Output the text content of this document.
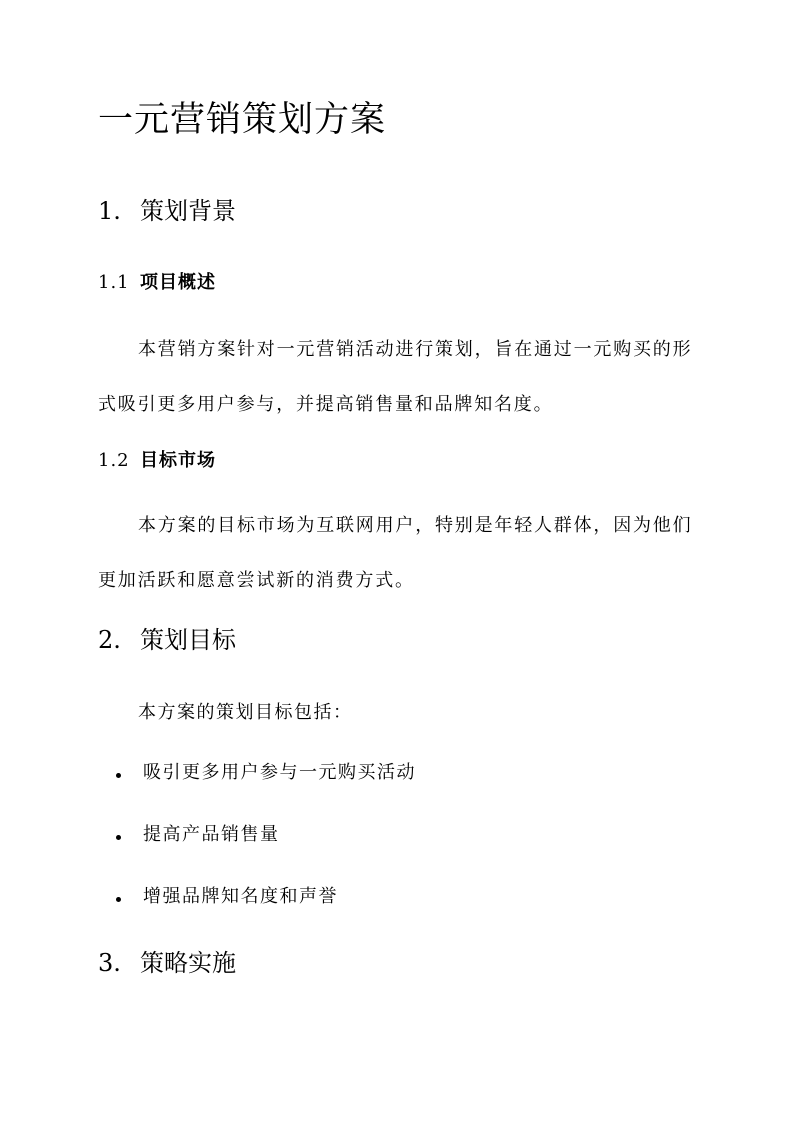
一元营销策划方案
1. 策划背景
1.1 项目概述

本营销方案针对一元营销活动进行策划，旨在通过一元购买的形式吸引更多用户参与，并提高销售量和品牌知名度。

1.2 目标市场

本方案的目标市场为互联网用户，特别是年轻人群体，因为他们更加活跃和愿意尝试新的消费方式。

2. 策划目标

本方案的策划目标包括：

吸引更多用户参与一元购买活动
提高产品销售量
增强品牌知名度和声誉
3. 策略实施
